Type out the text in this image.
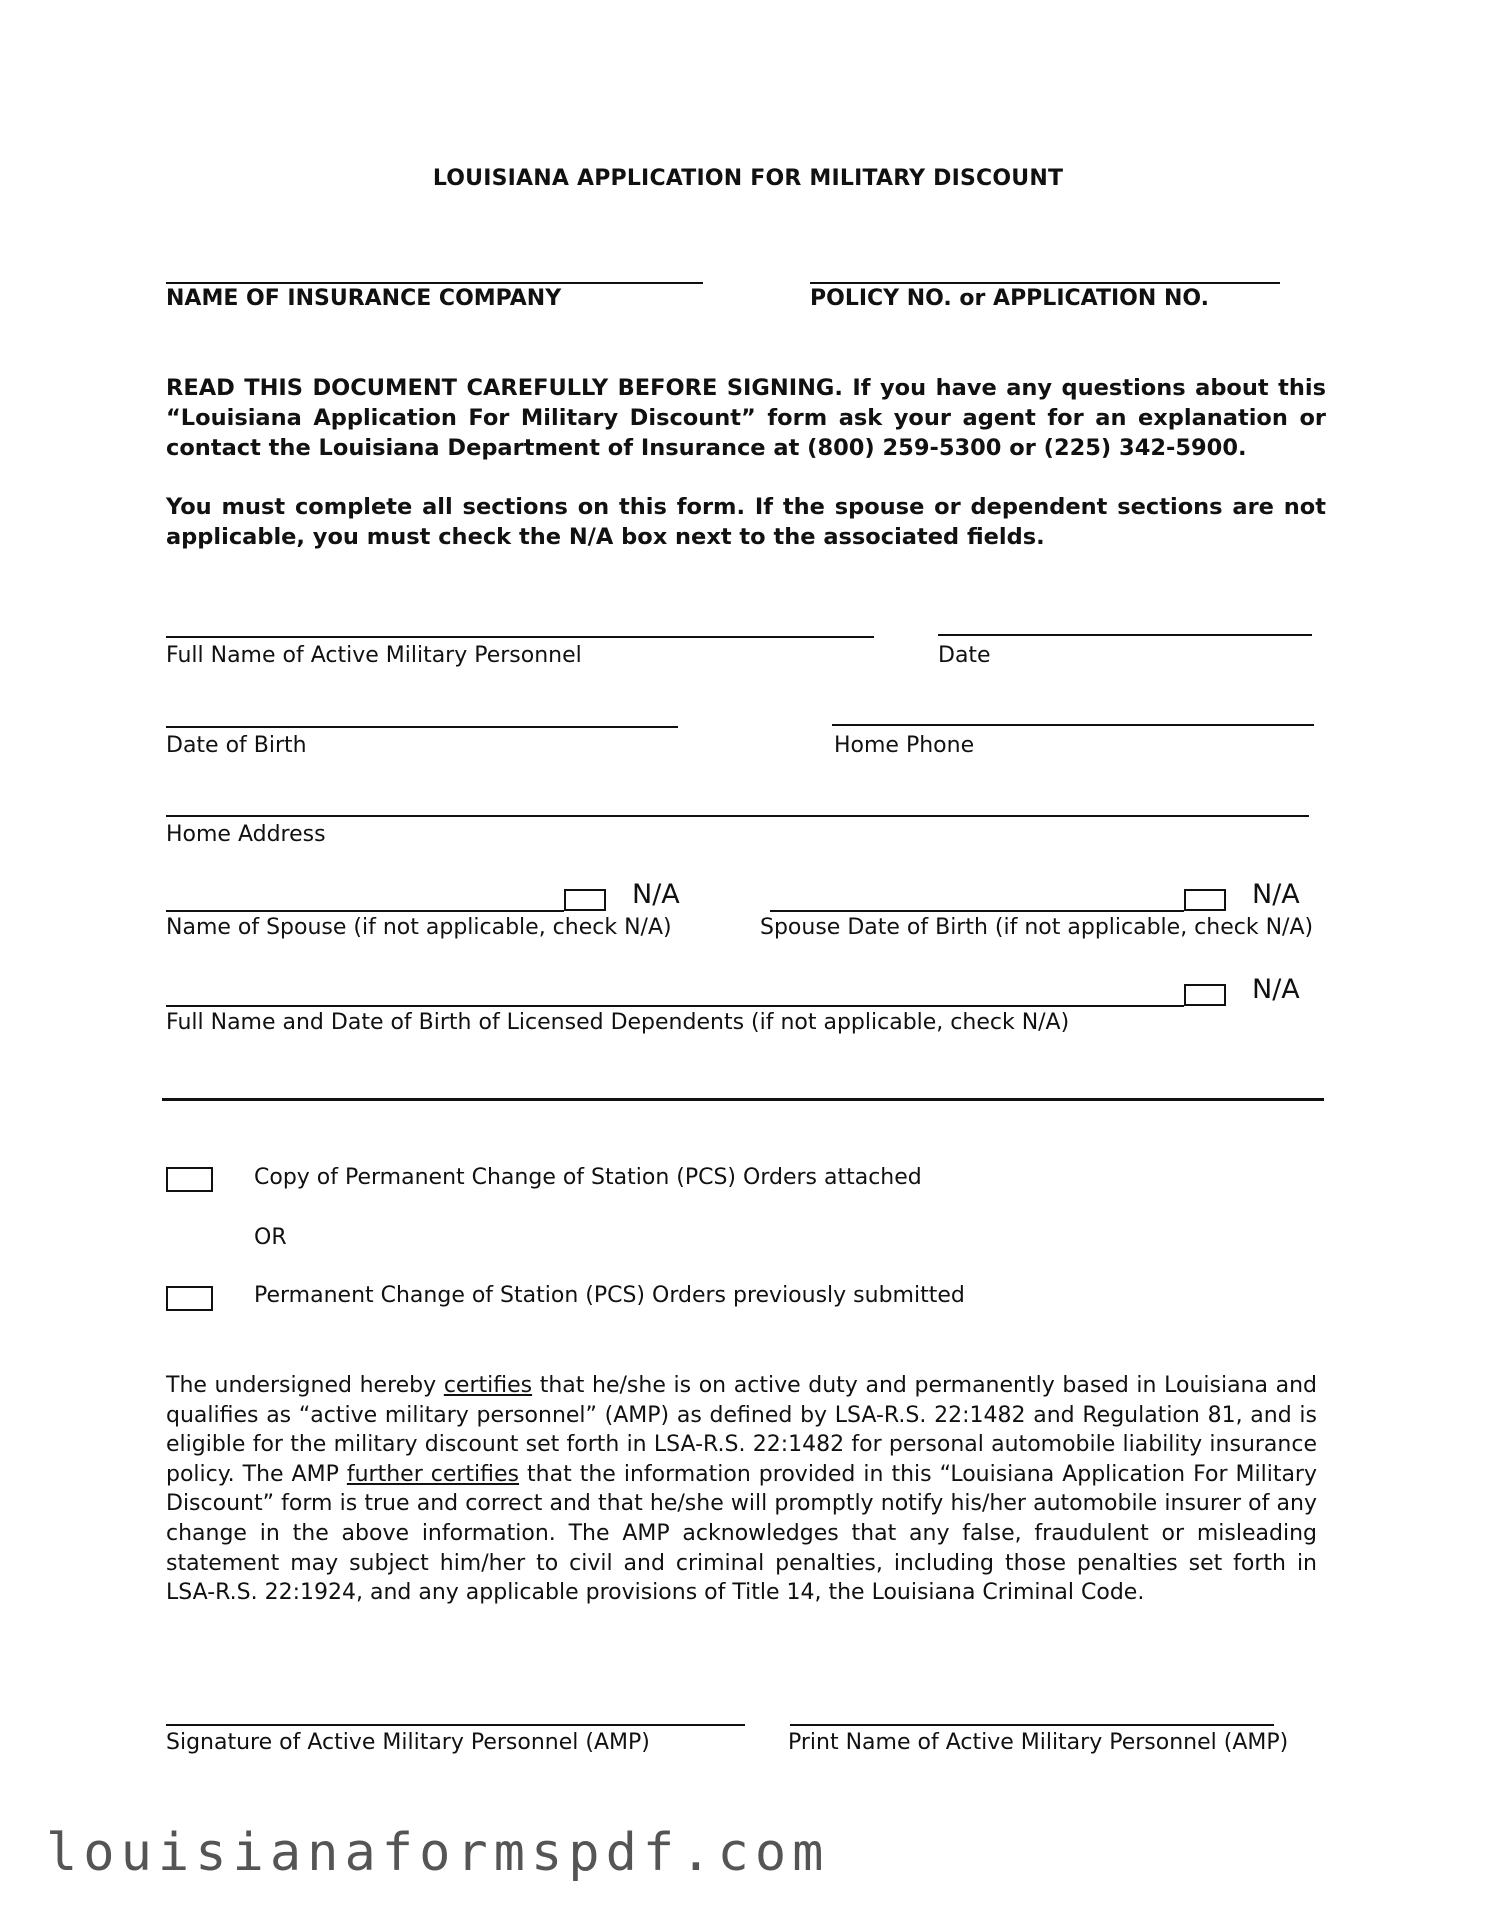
LOUISIANA APPLICATION FOR MILITARY DISCOUNT
NAME OF INSURANCE COMPANY	POLICY NO. or APPLICATION NO.
READ THIS DOCUMENT CAREFULLY BEFORE SIGNING. If you have any questions about this “Louisiana Application For Military Discount” form ask your agent for an explanation or contact the Louisiana Department of Insurance at (800) 259-5300 or (225) 342-5900.
You must complete all sections on this form. If the spouse or dependent sections are not applicable, you must check the N/A box next to the associated fields.
Full Name of Active Military Personnel	Date
Date of Birth	Home Phone
Home Address
N/A	N/A
Name of Spouse (if not applicable, check N/A)	Spouse Date of Birth (if not applicable, check N/A)
N/A
Full Name and Date of Birth of Licensed Dependents (if not applicable, check N/A)
Copy of Permanent Change of Station (PCS) Orders attached
OR
Permanent Change of Station (PCS) Orders previously submitted
The undersigned hereby certifies that he/she is on active duty and permanently based in Louisiana and qualifies as “active military personnel” (AMP) as defined by LSA-R.S. 22:1482 and Regulation 81, and is eligible for the military discount set forth in LSA-R.S. 22:1482 for personal automobile liability insurance policy. The AMP further certifies that the information provided in this “Louisiana Application For Military Discount” form is true and correct and that he/she will promptly notify his/her automobile insurer of any change in the above information. The AMP acknowledges that any false, fraudulent or misleading statement may subject him/her to civil and criminal penalties, including those penalties set forth in LSA-R.S. 22:1924, and any applicable provisions of Title 14, the Louisiana Criminal Code.
Signature of Active Military Personnel (AMP)	Print Name of Active Military Personnel (AMP)
louisianaformspdf.com
